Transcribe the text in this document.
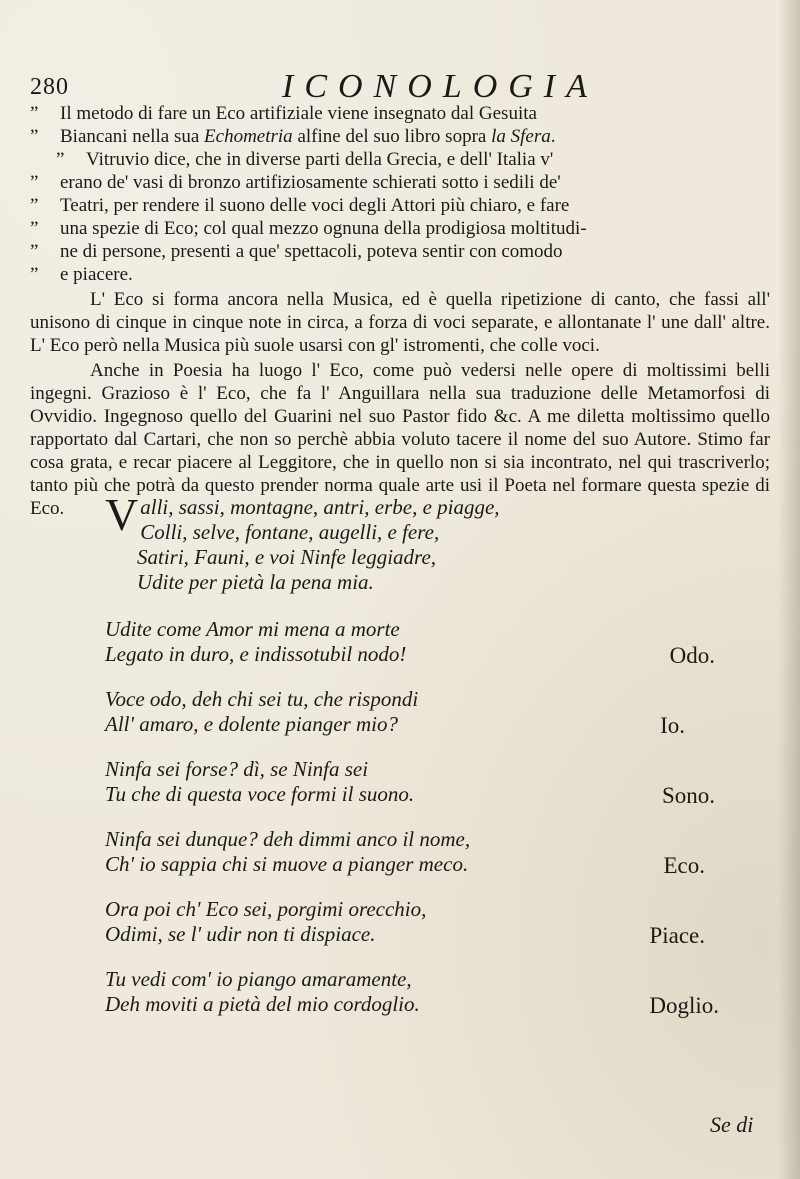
280	ICONOLOGIA
” Il metodo di fare un Eco artifiziale viene insegnato dal Gesuita
” Biancani nella sua Echometria alfine del suo libro sopra la Sfera.
” Vitruvio dice, che in diverse parti della Grecia, e dell' Italia v'
” erano de' vasi di bronzo artifiziosamente schierati sotto i sedili de'
” Teatri, per rendere il suono delle voci degli Attori più chiaro, e fare
” una spezie di Eco; col qual mezzo ognuna della prodigiosa moltitudi-
” ne di persone, presenti a que' spettacoli, poteva sentir con comodo
” e piacere.

L' Eco si forma ancora nella Musica, ed è quella ripetizione di canto, che fassi all' unisono di cinque in cinque note in circa, a forza di voci separate, e allontanate l' une dall' altre. L' Eco però nella Musica più suole usarsi con gl' istromenti, che colle voci.

Anche in Poesia ha luogo l' Eco, come può vedersi nelle opere di moltissimi belli ingegni. Grazioso è l' Eco, che fa l' Anguillara nella sua traduzione delle Metamorfosi di Ovvidio. Ingegnoso quello del Guarini nel suo Pastor fido &c. A me diletta moltissimo quello rapportato dal Cartari, che non so perchè abbia voluto tacere il nome del suo Autore. Stimo far cosa grata, e recar piacere al Leggitore, che in quello non si sia incontrato, nel qui trascriverlo; tanto più che potrà da questo prender norma quale arte usi il Poeta nel formare questa spezie di Eco. V alli, sassi, montagne, antri, erbe, e piagge,
Colli, selve, fontane, augelli, e fere,
Satiri, Fauni, e voi Ninfe leggiadre,
Udite per pietà la pena mia.
Udite come Amor mi mena a morte
Legato in duro, e indissotubil nodo!	Odo.
Voce odo, deh chi sei tu, che rispondi
All' amaro, e dolente pianger mio?	Io.
Ninfa sei forse? dì, se Ninfa sei
Tu che di questa voce formi il suono.	Sono.
Ninfa sei dunque? deh dimmi anco il nome,
Ch' io sappia chi si muove a pianger meco.	Eco.
Ora poi ch' Eco sei, porgimi orecchio,
Odimi, se l' udir non ti dispiace.	Piace.
Tu vedi com' io piango amaramente,
Deh moviti a pietà del mio cordoglio.	Doglio.
Se di
